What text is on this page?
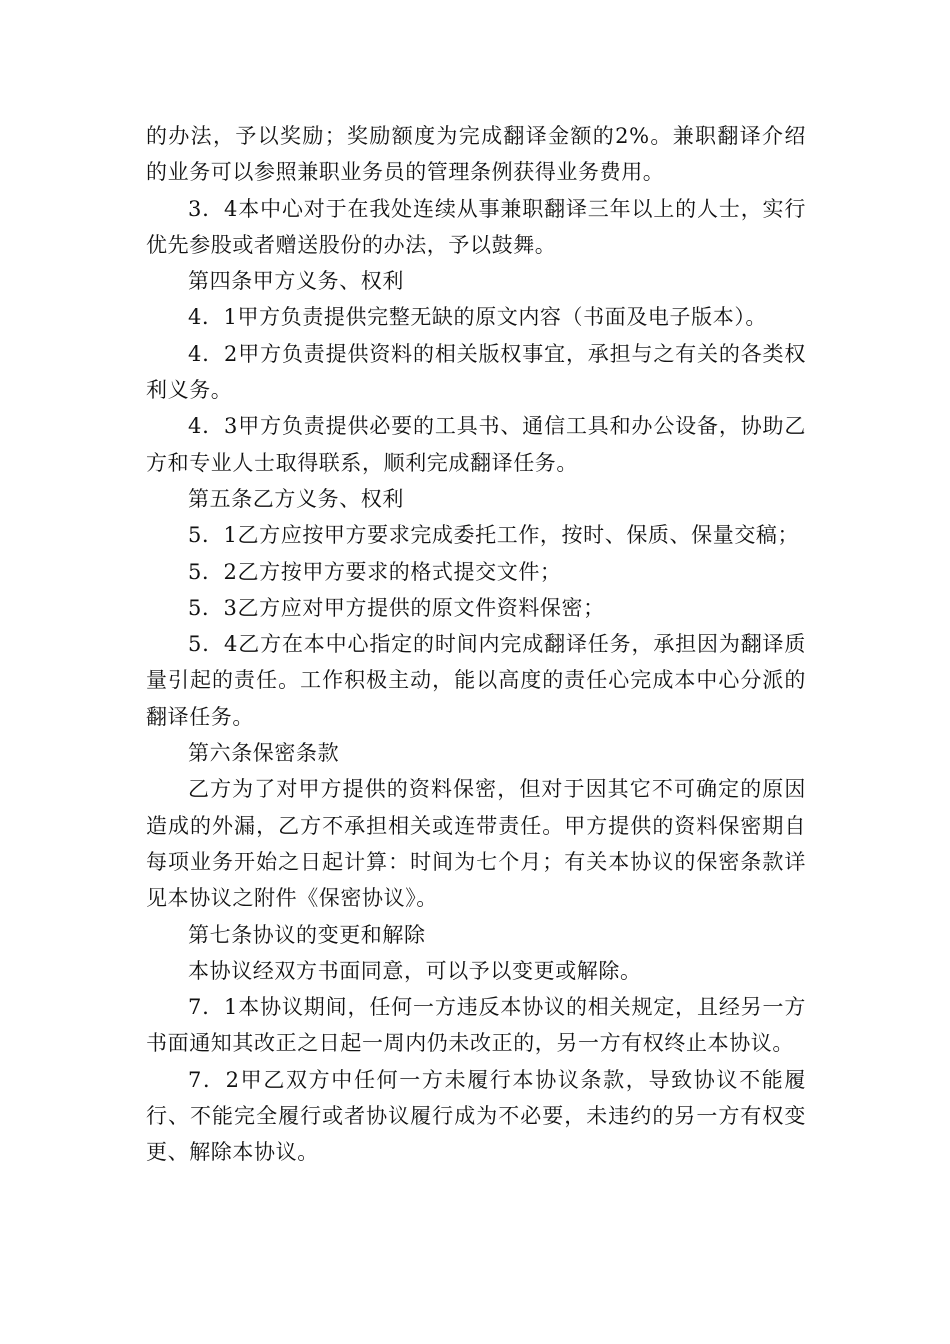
的办法，予以奖励；奖励额度为完成翻译金额的2%。兼职翻译介绍的业务可以参照兼职业务员的管理条例获得业务费用。

3．4本中心对于在我处连续从事兼职翻译三年以上的人士，实行优先参股或者赠送股份的办法，予以鼓舞。

第四条甲方义务、权利

4．1甲方负责提供完整无缺的原文内容（书面及电子版本）。

4．2甲方负责提供资料的相关版权事宜，承担与之有关的各类权利义务。

4．3甲方负责提供必要的工具书、通信工具和办公设备，协助乙方和专业人士取得联系，顺利完成翻译任务。

第五条乙方义务、权利

5．1乙方应按甲方要求完成委托工作，按时、保质、保量交稿；

5．2乙方按甲方要求的格式提交文件；

5．3乙方应对甲方提供的原文件资料保密；

5．4乙方在本中心指定的时间内完成翻译任务，承担因为翻译质量引起的责任。工作积极主动，能以高度的责任心完成本中心分派的翻译任务。

第六条保密条款

乙方为了对甲方提供的资料保密，但对于因其它不可确定的原因造成的外漏，乙方不承担相关或连带责任。甲方提供的资料保密期自每项业务开始之日起计算：时间为七个月；有关本协议的保密条款详见本协议之附件《保密协议》。

第七条协议的变更和解除

本协议经双方书面同意，可以予以变更或解除。

7．1本协议期间，任何一方违反本协议的相关规定，且经另一方书面通知其改正之日起一周内仍未改正的，另一方有权终止本协议。

7．2甲乙双方中任何一方未履行本协议条款，导致协议不能履行、不能完全履行或者协议履行成为不必要，未违约的另一方有权变更、解除本协议。
